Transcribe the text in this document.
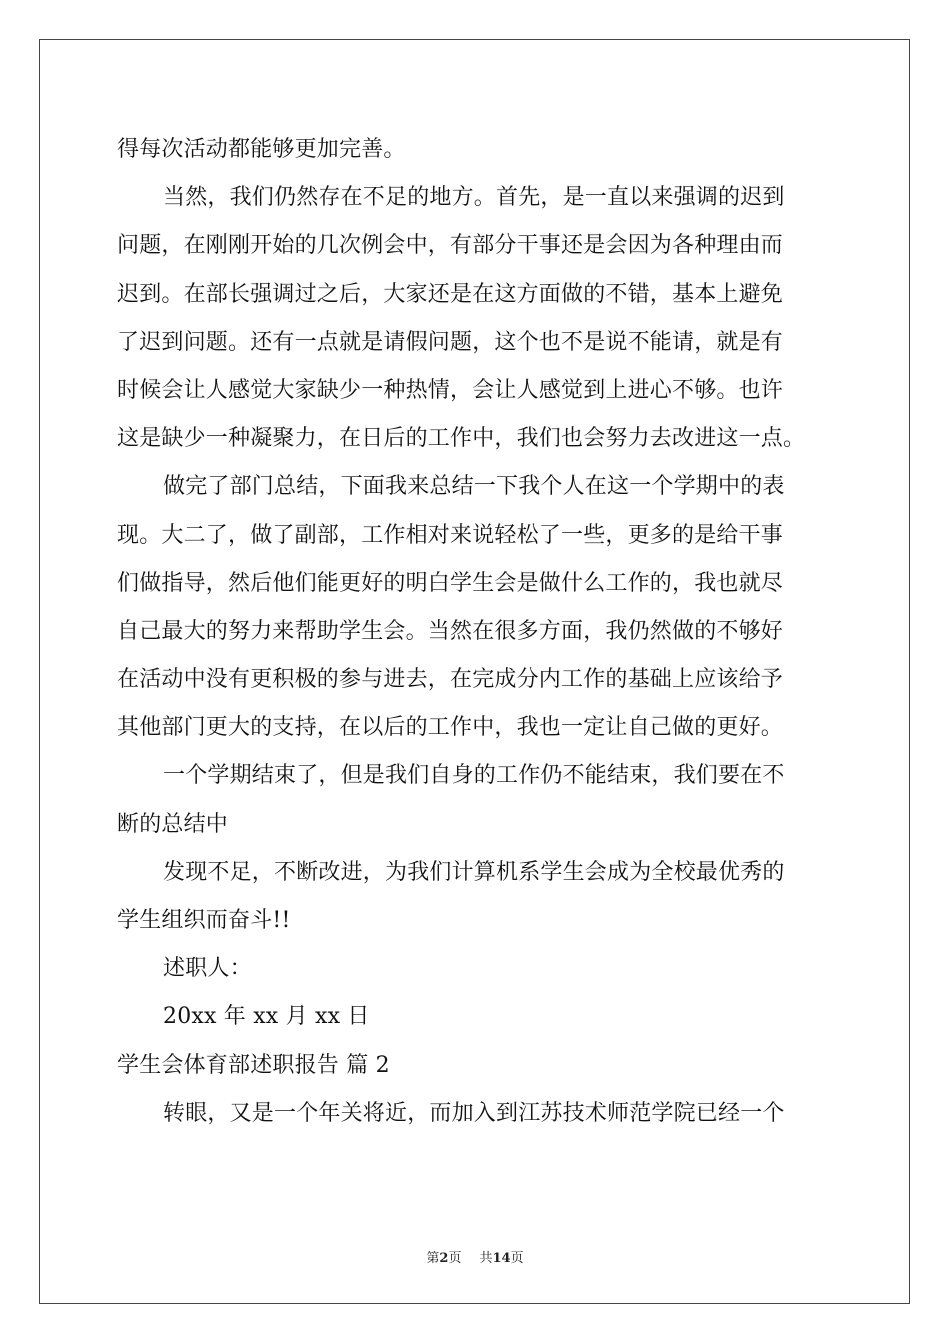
得每次活动都能够更加完善。
当然，我们仍然存在不足的地方。首先，是一直以来强调的迟到
问题，在刚刚开始的几次例会中，有部分干事还是会因为各种理由而
迟到。在部长强调过之后，大家还是在这方面做的不错，基本上避免
了迟到问题。还有一点就是请假问题，这个也不是说不能请，就是有
时候会让人感觉大家缺少一种热情，会让人感觉到上进心不够。也许
这是缺少一种凝聚力，在日后的工作中，我们也会努力去改进这一点。
做完了部门总结，下面我来总结一下我个人在这一个学期中的表
现。大二了，做了副部，工作相对来说轻松了一些，更多的是给干事
们做指导，然后他们能更好的明白学生会是做什么工作的，我也就尽
自己最大的努力来帮助学生会。当然在很多方面，我仍然做的不够好
在活动中没有更积极的参与进去，在完成分内工作的基础上应该给予
其他部门更大的支持，在以后的工作中，我也一定让自己做的更好。
一个学期结束了，但是我们自身的工作仍不能结束，我们要在不
断的总结中
发现不足，不断改进，为我们计算机系学生会成为全校最优秀的
学生组织而奋斗!!
述职人：
20xx 年 xx 月 xx 日
学生会体育部述职报告 篇 2
转眼，又是一个年关将近，而加入到江苏技术师范学院已经一个
第2页 共14页
